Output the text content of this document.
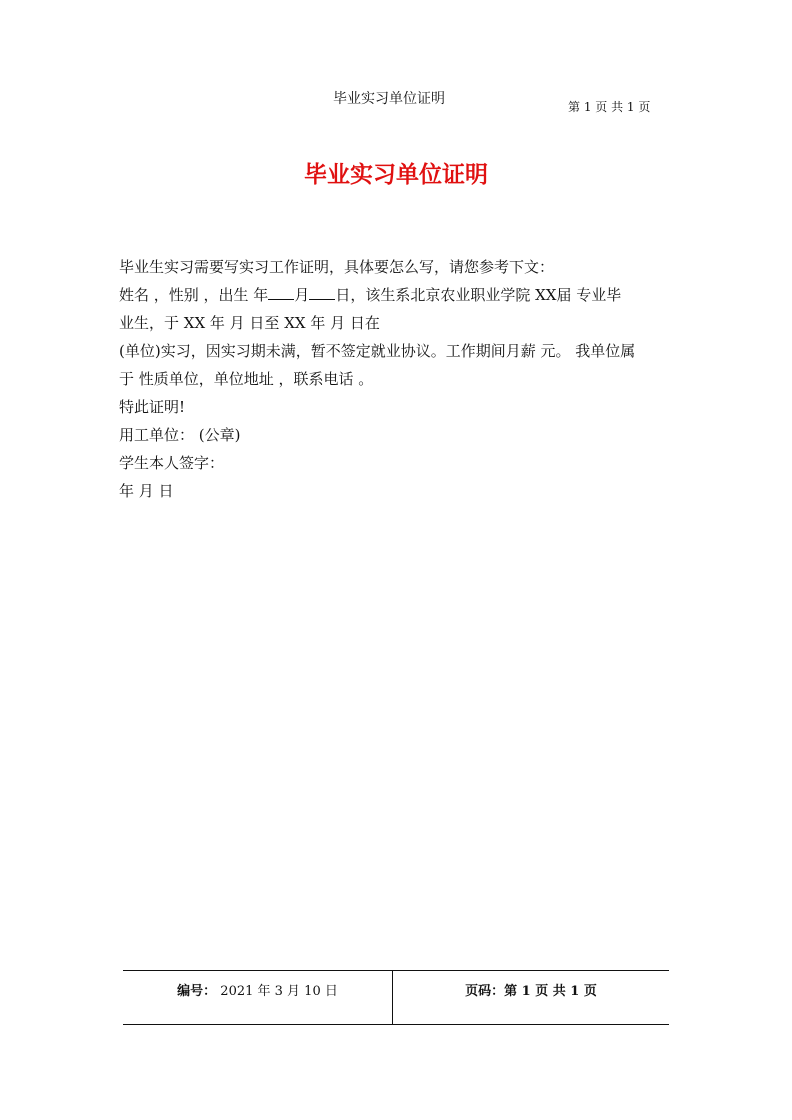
毕业实习单位证明	第 1 页 共 1 页
毕业实习单位证明

毕业生实习需要写实习工作证明，具体要怎么写，请您参考下文：

姓名 ，性别 ，出生 年 月 日，该生系北京农业职业学院 XX届 专业毕

业生，于 XX 年 月 日至 XX 年 月 日在

(单位)实习，因实习期未满，暂不签定就业协议。工作期间月薪 元。 我单位属

于 性质单位，单位地址 ，联系电话 。

特此证明!

用工单位： (公章)

学生本人签字：

年 月 日

编号： 2021 年 3 月 10 日	页码：第 1 页 共 1 页
